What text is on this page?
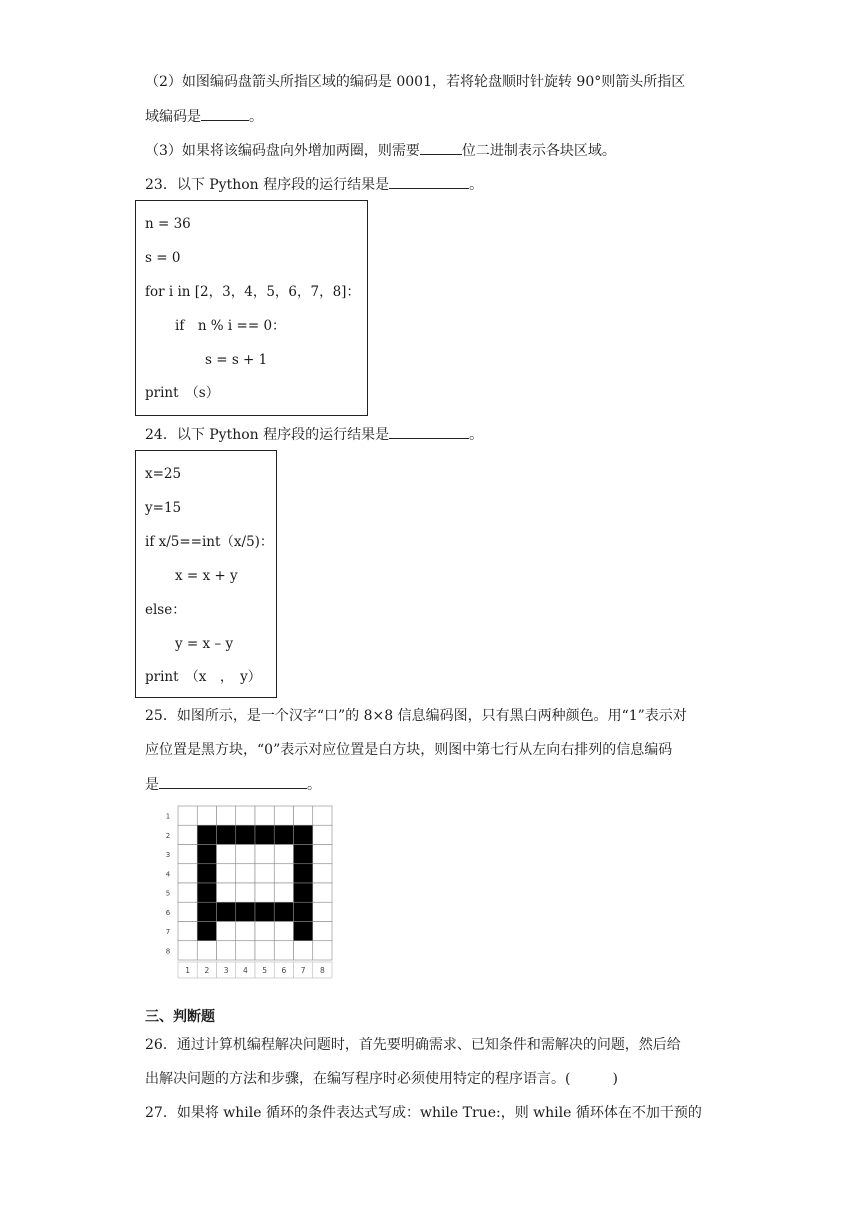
（2）如图编码盘箭头所指区域的编码是 0001，若将轮盘顺时针旋转 90°则箭头所指区
域编码是	。
（3）如果将该编码盘向外增加两圈，则需要	位二进制表示各块区域。
23．以下 Python 程序段的运行结果是	。
n = 36
s = 0
for i in [2，3，4，5，6，7，8]：
if　n % i == 0：
s = s + 1
print　（s）
24．以下 Python 程序段的运行结果是	。
x=25
y=15
if x/5==int（x/5)：
x = x + y
else：
y = x – y
print　（x　，　y）
25．如图所示，是一个汉字“口”的 8×8 信息编码图，只有黑白两种颜色。用“1”表示对
应位置是黑方块，“0”表示对应位置是白方块，则图中第七行从左向右排列的信息编码
是	。
1
2
3
4
5
6
7
8
1 2 3 4 5 6 7 8
三、判断题
26．通过计算机编程解决问题时，首先要明确需求、已知条件和需解决的问题，然后给
出解决问题的方法和步骤，在编写程序时必须使用特定的程序语言。(　　　)
27．如果将 while 循环的条件表达式写成：while True:，则 while 循环体在不加干预的
